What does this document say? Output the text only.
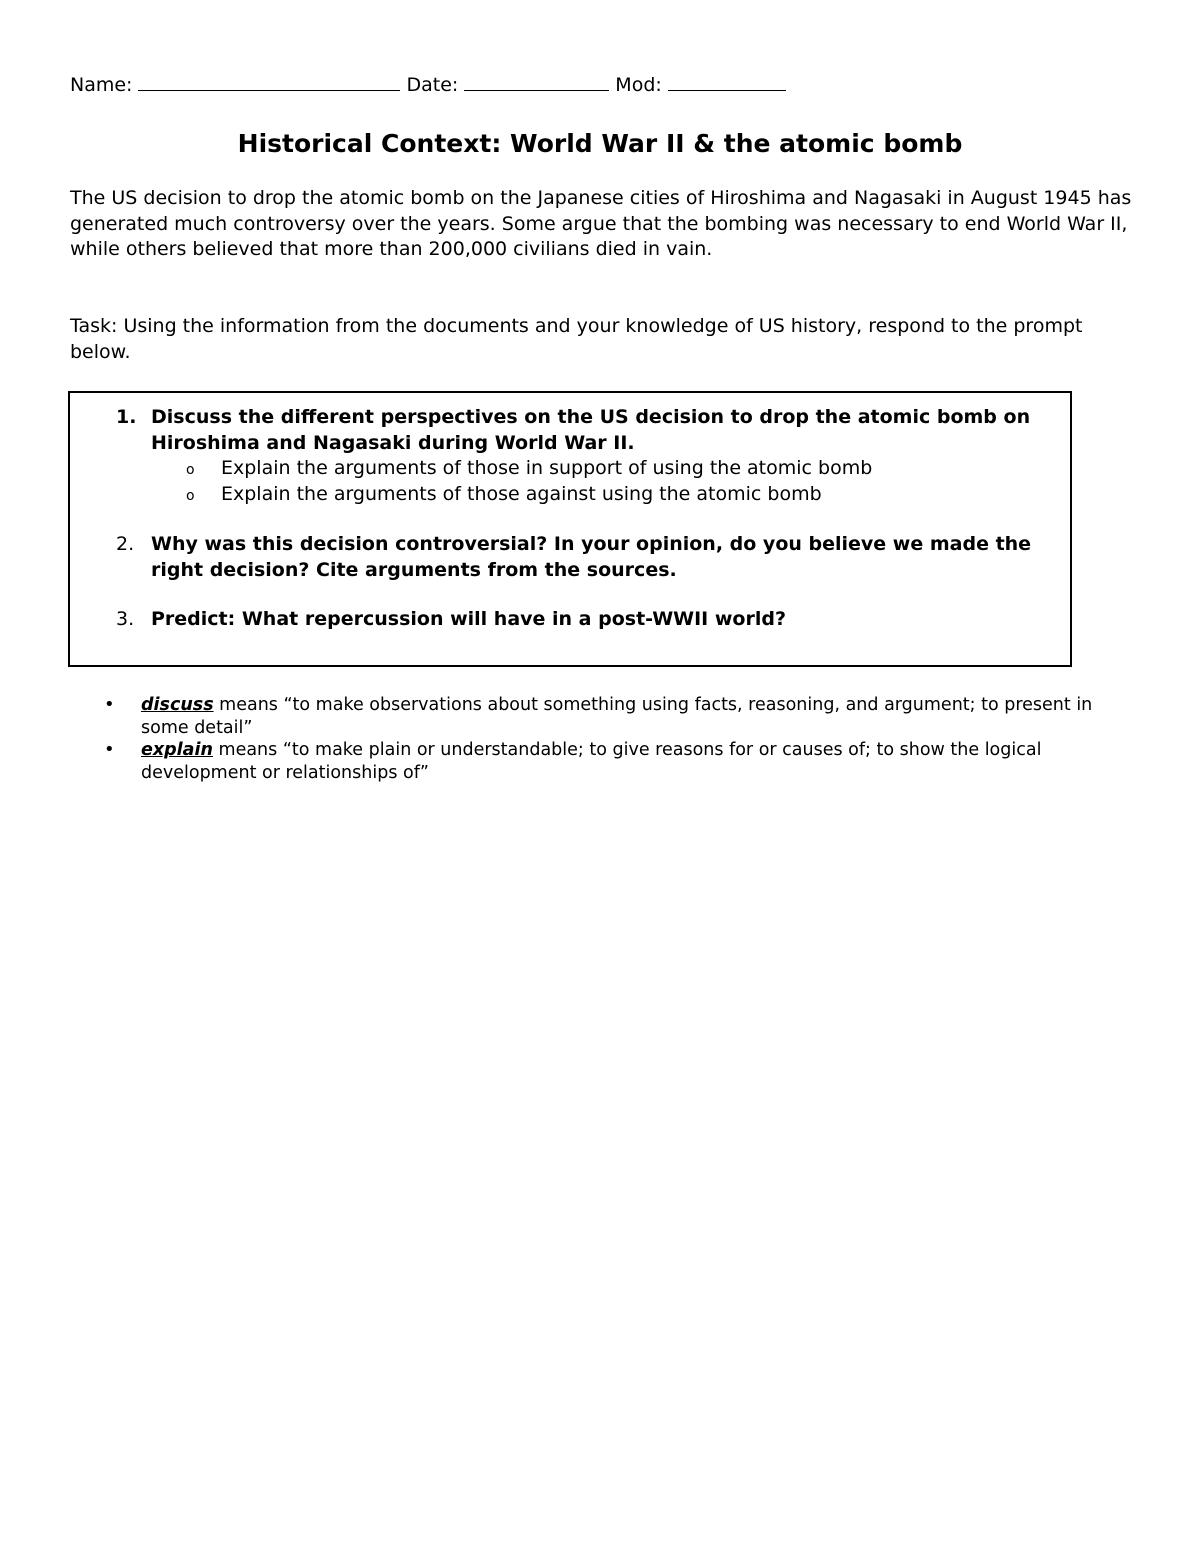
Name:	Date:	Mod:
Historical Context: World War II & the atomic bomb

The US decision to drop the atomic bomb on the Japanese cities of Hiroshima and Nagasaki in August 1945 has generated much controversy over the years. Some argue that the bombing was necessary to end World War II, while others believed that more than 200,000 civilians died in vain.

Task: Using the information from the documents and your knowledge of US history, respond to the prompt below.

1. Discuss the different perspectives on the US decision to drop the atomic bomb on Hiroshima and Nagasaki during World War II.
o Explain the arguments of those in support of using the atomic bomb
o Explain the arguments of those against using the atomic bomb
2. Why was this decision controversial? In your opinion, do you believe we made the right decision? Cite arguments from the sources.
3. Predict: What repercussion will have in a post-WWII world?
• discuss means “to make observations about something using facts, reasoning, and argument; to present in some detail”
• explain means “to make plain or understandable; to give reasons for or causes of; to show the logical development or relationships of”
